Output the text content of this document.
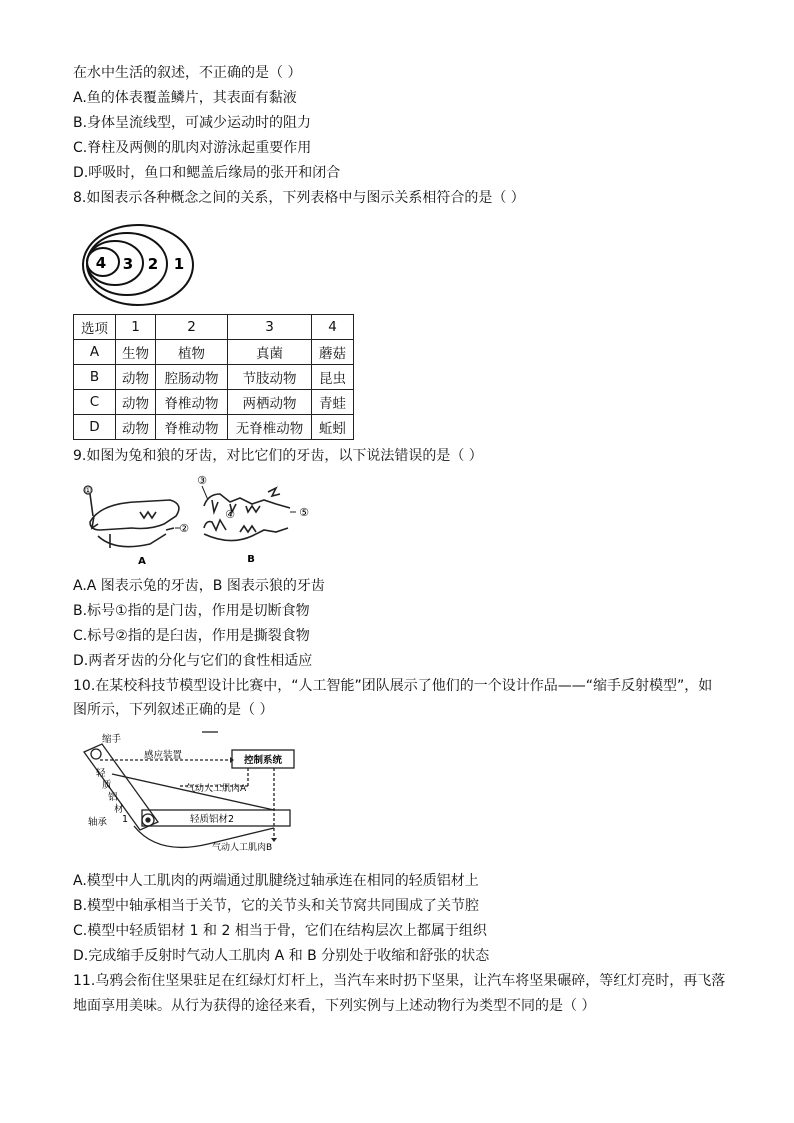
在水中生活的叙述，不正确的是（ ）
A.鱼的体表覆盖鳞片，其表面有黏液
B.身体呈流线型，可减少运动时的阻力
C.脊柱及两侧的肌肉对游泳起重要作用
D.呼吸时，鱼口和鳃盖后缘局的张开和闭合
8.如图表示各种概念之间的关系，下列表格中与图示关系相符合的是（ ）
4 3 2 1
选项	1	2	3	4
A	生物	植物	真菌	蘑菇
B	动物	腔肠动物	节肢动物	昆虫
C	动物	脊椎动物	两栖动物	青蛙
D	动物	脊椎动物	无脊椎动物	蚯蚓
9.如图为兔和狼的牙齿，对比它们的牙齿，以下说法错误的是（ ）
①
②
A
③
④	⑤
B
A.A 图表示兔的牙齿，B 图表示狼的牙齿
B.标号①指的是门齿，作用是切断食物
C.标号②指的是臼齿，作用是撕裂食物
D.两者牙齿的分化与它们的食性相适应
10.在某校科技节模型设计比赛中，“人工智能”团队展示了他们的一个设计作品——“缩手反射模型”，如
图所示，下列叙述正确的是（ ）
缩手
感应装置	控制系统
气动人工肌肉A
轻
质
铝
材
1	轻质铝材2
轴承
气动人工肌肉B
A.模型中人工肌肉的两端通过肌腱绕过轴承连在相同的轻质铝材上
B.模型中轴承相当于关节，它的关节头和关节窝共同围成了关节腔
C.模型中轻质铝材 1 和 2 相当于骨，它们在结构层次上都属于组织
D.完成缩手反射时气动人工肌肉 A 和 B 分别处于收缩和舒张的状态
11.乌鸦会衔住坚果驻足在红绿灯灯杆上，当汽车来时扔下坚果，让汽车将坚果碾碎，等红灯亮时，再飞落
地面享用美味。从行为获得的途径来看，下列实例与上述动物行为类型不同的是（ ）
